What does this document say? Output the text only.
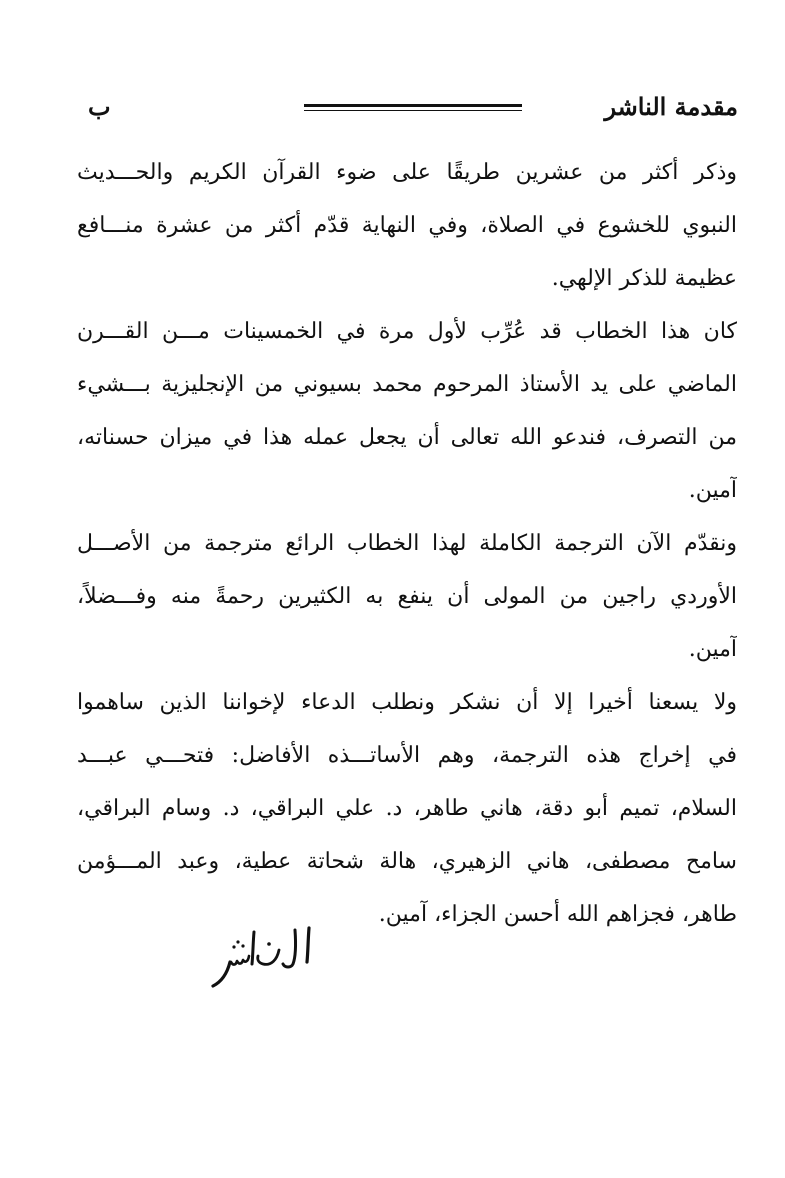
مقدمة الناشر
ب
وذكر أكثر من عشرين طريقًا على ضوء القرآن الكريم والحـــديث
النبوي للخشوع في الصلاة، وفي النهاية قدّم أكثر من عشرة منـــافع
عظيمة للذكر الإلهي.
كان هذا الخطاب قد عُرِّب لأول مرة في الخمسينات مـــن القـــرن
الماضي على يد الأستاذ المرحوم محمد بسيوني من الإنجليزية بـــشيء
من التصرف، فندعو الله تعالى أن يجعل عمله هذا في ميزان حسناته،
آمين.
ونقدّم الآن الترجمة الكاملة لهذا الخطاب الرائع مترجمة من الأصـــل
الأوردي راجين من المولى أن ينفع به الكثيرين رحمةً منه وفـــضلاً،
آمين.
ولا يسعنا أخيرا إلا أن نشكر ونطلب الدعاء لإخواننا الذين ساهموا
في إخراج هذه الترجمة، وهم الأساتـــذه الأفاضل: فتحـــي عبـــد
السلام، تميم أبو دقة، هاني طاهر، د. علي البراقي، د. وسام البراقي،
سامح مصطفى، هاني الزهيري، هالة شحاتة عطية، وعبد المـــؤمن
طاهر، فجزاهم الله أحسن الجزاء، آمين.
